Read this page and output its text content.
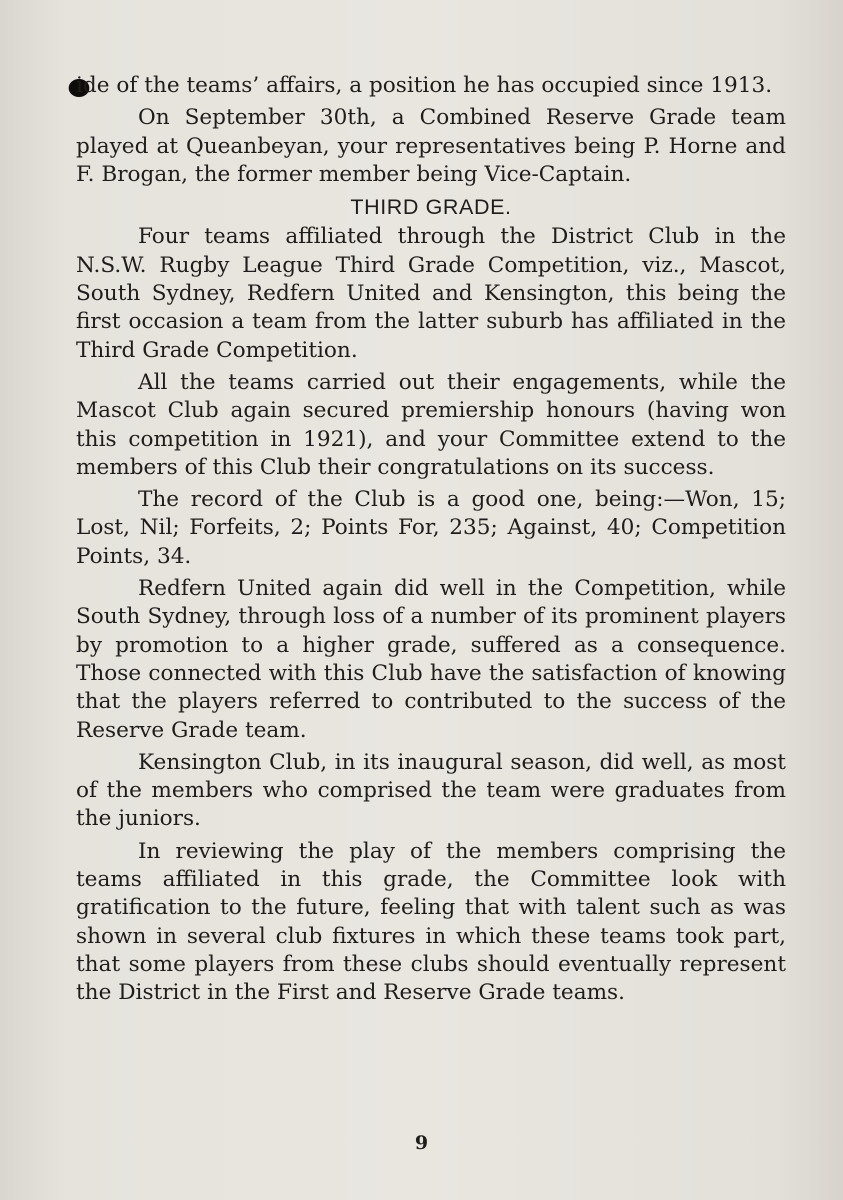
ide of the teams’ affairs, a position he has occupied since 1913.

On September 30th, a Combined Reserve Grade team played at Queanbeyan, your representatives being P. Horne and F. Brogan, the former member being Vice-Captain.

THIRD GRADE.

Four teams affiliated through the District Club in the N.S.W. Rugby League Third Grade Competition, viz., Mascot, South Sydney, Redfern United and Kensington, this being the first occasion a team from the latter suburb has affiliated in the Third Grade Competition.

All the teams carried out their engagements, while the Mascot Club again secured premiership honours (having won this competition in 1921), and your Committee extend to the members of this Club their congratulations on its success.

The record of the Club is a good one, being:—Won, 15; Lost, Nil; Forfeits, 2; Points For, 235; Against, 40; Competition Points, 34.

Redfern United again did well in the Competition, while South Sydney, through loss of a number of its prominent players by promotion to a higher grade, suffered as a consequence. Those connected with this Club have the satisfaction of knowing that the players referred to contributed to the success of the Reserve Grade team.

Kensington Club, in its inaugural season, did well, as most of the members who comprised the team were graduates from the juniors.

In reviewing the play of the members comprising the teams affiliated in this grade, the Committee look with gratification to the future, feeling that with talent such as was shown in several club fixtures in which these teams took part, that some players from these clubs should eventually represent the District in the First and Reserve Grade teams.

9
